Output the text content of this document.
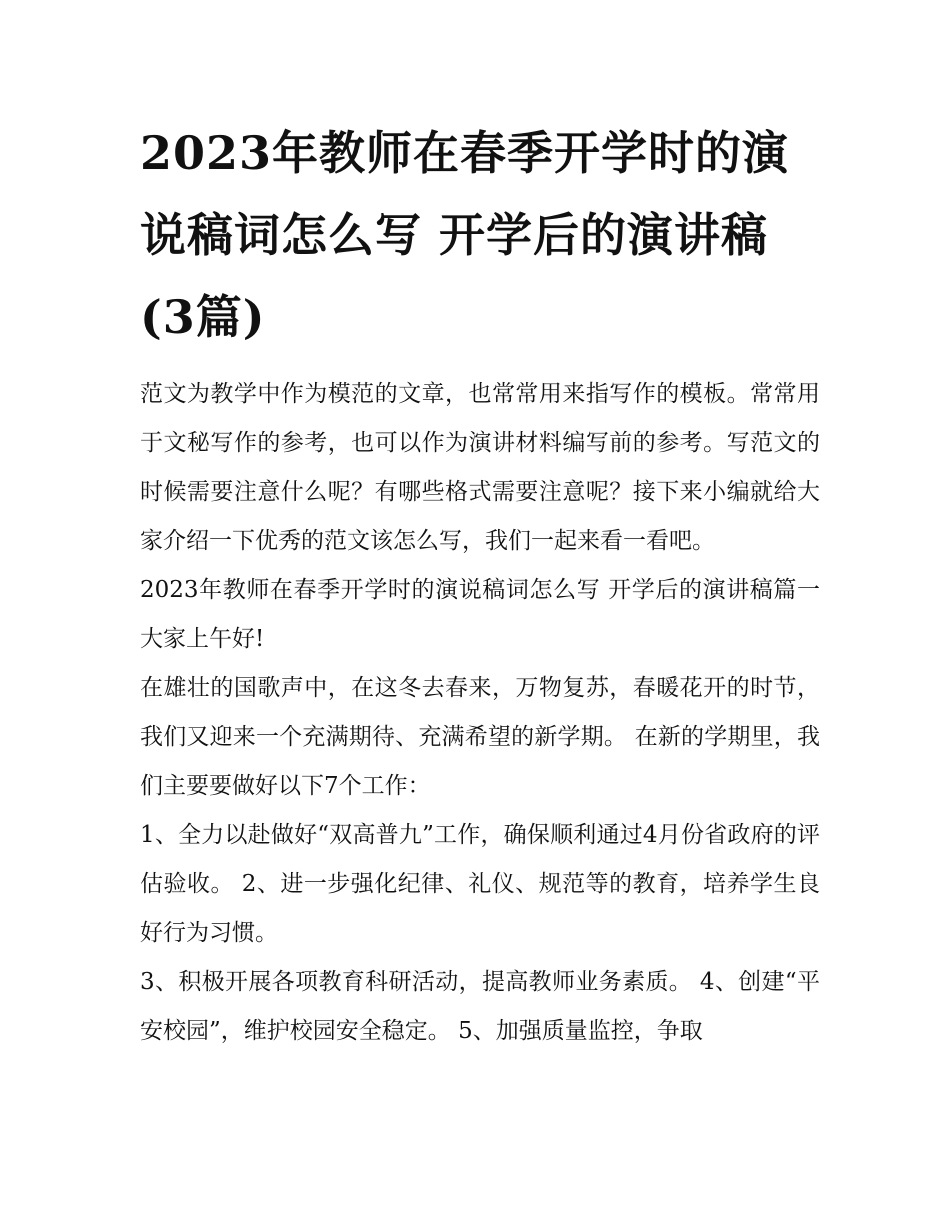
2023年教师在春季开学时的演说稿词怎么写 开学后的演讲稿(3篇)

范文为教学中作为模范的文章，也常常用来指写作的模板。常常用于文秘写作的参考，也可以作为演讲材料编写前的参考。写范文的时候需要注意什么呢？有哪些格式需要注意呢？接下来小编就给大家介绍一下优秀的范文该怎么写，我们一起来看一看吧。

2023年教师在春季开学时的演说稿词怎么写 开学后的演讲稿篇一 大家上午好!

在雄壮的国歌声中，在这冬去春来，万物复苏，春暖花开的时节，我们又迎来一个充满期待、充满希望的新学期。 在新的学期里，我们主要要做好以下7个工作：

1、全力以赴做好“双高普九”工作，确保顺利通过4月份省政府的评估验收。 2、进一步强化纪律、礼仪、规范等的教育，培养学生良好行为习惯。

3、积极开展各项教育科研活动，提高教师业务素质。 4、创建“平安校园”，维护校园安全稳定。 5、加强质量监控，争取
